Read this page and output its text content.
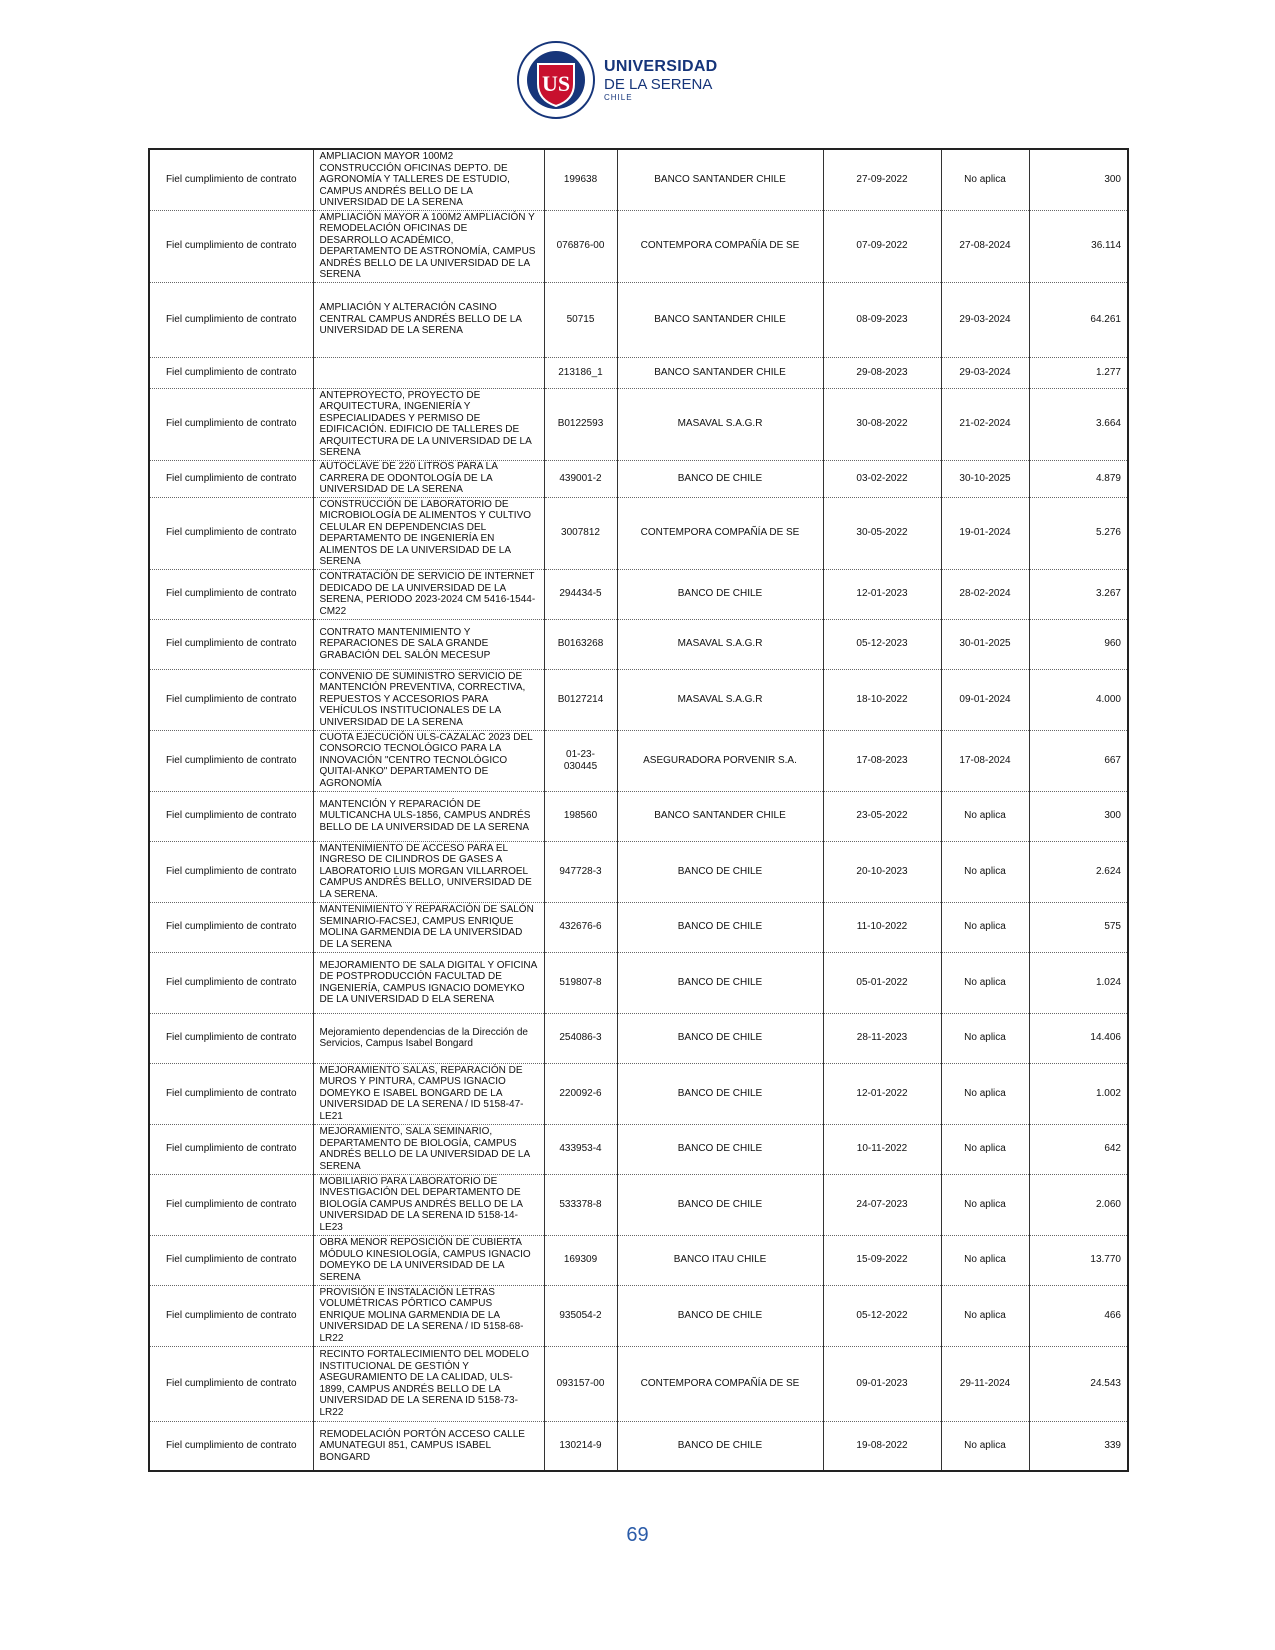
US
UNIVERSIDAD
DE LA SERENA
CHILE
Fiel cumplimiento de contrato	AMPLIACION MAYOR 100M2 CONSTRUCCIÓN OFICINAS DEPTO. DE AGRONOMÍA Y TALLERES DE ESTUDIO, CAMPUS ANDRÉS BELLO DE LA UNIVERSIDAD DE LA SERENA	199638	BANCO SANTANDER CHILE	27-09-2022	No aplica	300
Fiel cumplimiento de contrato	AMPLIACIÓN MAYOR A 100M2 AMPLIACIÓN Y REMODELACIÓN OFICINAS DE DESARROLLO ACADÉMICO, DEPARTAMENTO DE ASTRONOMÍA, CAMPUS ANDRÉS BELLO DE LA UNIVERSIDAD DE LA SERENA	076876-00	CONTEMPORA COMPAÑÍA DE SE	07-09-2022	27-08-2024	36.114
Fiel cumplimiento de contrato	AMPLIACIÓN Y ALTERACIÓN CASINO CENTRAL CAMPUS ANDRÉS BELLO DE LA UNIVERSIDAD DE LA SERENA	50715	BANCO SANTANDER CHILE	08-09-2023	29-03-2024	64.261
Fiel cumplimiento de contrato		213186_1	BANCO SANTANDER CHILE	29-08-2023	29-03-2024	1.277
Fiel cumplimiento de contrato	ANTEPROYECTO, PROYECTO DE ARQUITECTURA, INGENIERÍA Y ESPECIALIDADES Y PERMISO DE EDIFICACIÓN. EDIFICIO DE TALLERES DE ARQUITECTURA DE LA UNIVERSIDAD DE LA SERENA	B0122593	MASAVAL S.A.G.R	30-08-2022	21-02-2024	3.664
Fiel cumplimiento de contrato	AUTOCLAVE DE 220 LITROS PARA LA CARRERA DE ODONTOLOGÍA DE LA UNIVERSIDAD DE LA SERENA	439001-2	BANCO DE CHILE	03-02-2022	30-10-2025	4.879
Fiel cumplimiento de contrato	CONSTRUCCIÓN DE LABORATORIO DE MICROBIOLOGÍA DE ALIMENTOS Y CULTIVO CELULAR EN DEPENDENCIAS DEL DEPARTAMENTO DE INGENIERÍA EN ALIMENTOS DE LA UNIVERSIDAD DE LA SERENA	3007812	CONTEMPORA COMPAÑÍA DE SE	30-05-2022	19-01-2024	5.276
Fiel cumplimiento de contrato	CONTRATACIÓN DE SERVICIO DE INTERNET DEDICADO DE LA UNIVERSIDAD DE LA SERENA, PERIODO 2023-2024 CM 5416-1544-CM22	294434-5	BANCO DE CHILE	12-01-2023	28-02-2024	3.267
Fiel cumplimiento de contrato	CONTRATO MANTENIMIENTO Y REPARACIONES DE SALA GRANDE GRABACIÓN DEL SALÓN MECESUP	B0163268	MASAVAL S.A.G.R	05-12-2023	30-01-2025	960
Fiel cumplimiento de contrato	CONVENIO DE SUMINISTRO SERVICIO DE MANTENCIÓN PREVENTIVA, CORRECTIVA, REPUESTOS Y ACCESORIOS PARA VEHÍCULOS INSTITUCIONALES DE LA UNIVERSIDAD DE LA SERENA	B0127214	MASAVAL S.A.G.R	18-10-2022	09-01-2024	4.000
Fiel cumplimiento de contrato	CUOTA EJECUCIÓN ULS-CAZALAC 2023 DEL CONSORCIO TECNOLÓGICO PARA LA INNOVACIÓN "CENTRO TECNOLÓGICO QUITAI-ANKO" DEPARTAMENTO DE AGRONOMÍA	01-23-030445	ASEGURADORA PORVENIR S.A.	17-08-2023	17-08-2024	667
Fiel cumplimiento de contrato	MANTENCIÓN Y REPARACIÓN DE MULTICANCHA ULS-1856, CAMPUS ANDRÉS BELLO DE LA UNIVERSIDAD DE LA SERENA	198560	BANCO SANTANDER CHILE	23-05-2022	No aplica	300
Fiel cumplimiento de contrato	MANTENIMIENTO DE ACCESO PARA EL INGRESO DE CILINDROS DE GASES A LABORATORIO LUIS MORGAN VILLARROEL CAMPUS ANDRÉS BELLO, UNIVERSIDAD DE LA SERENA.	947728-3	BANCO DE CHILE	20-10-2023	No aplica	2.624
Fiel cumplimiento de contrato	MANTENIMIENTO Y REPARACIÓN DE SALÓN SEMINARIO-FACSEJ, CAMPUS ENRIQUE MOLINA GARMENDIA DE LA UNIVERSIDAD DE LA SERENA	432676-6	BANCO DE CHILE	11-10-2022	No aplica	575
Fiel cumplimiento de contrato	MEJORAMIENTO DE SALA DIGITAL Y OFICINA DE POSTPRODUCCIÓN FACULTAD DE INGENIERÍA, CAMPUS IGNACIO DOMEYKO DE LA UNIVERSIDAD D ELA SERENA	519807-8	BANCO DE CHILE	05-01-2022	No aplica	1.024
Fiel cumplimiento de contrato	Mejoramiento dependencias de la Dirección de Servicios, Campus Isabel Bongard	254086-3	BANCO DE CHILE	28-11-2023	No aplica	14.406
Fiel cumplimiento de contrato	MEJORAMIENTO SALAS, REPARACIÓN DE MUROS Y PINTURA, CAMPUS IGNACIO DOMEYKO E ISABEL BONGARD DE LA UNIVERSIDAD DE LA SERENA / ID 5158-47-LE21	220092-6	BANCO DE CHILE	12-01-2022	No aplica	1.002
Fiel cumplimiento de contrato	MEJORAMIENTO, SALA SEMINARIO, DEPARTAMENTO DE BIOLOGÍA, CAMPUS ANDRÉS BELLO DE LA UNIVERSIDAD DE LA SERENA	433953-4	BANCO DE CHILE	10-11-2022	No aplica	642
Fiel cumplimiento de contrato	MOBILIARIO PARA LABORATORIO DE INVESTIGACIÓN DEL DEPARTAMENTO DE BIOLOGÍA CAMPUS ANDRÉS BELLO DE LA UNIVERSIDAD DE LA SERENA ID 5158-14-LE23	533378-8	BANCO DE CHILE	24-07-2023	No aplica	2.060
Fiel cumplimiento de contrato	OBRA MENOR REPOSICIÓN DE CUBIERTA MÓDULO KINESIOLOGÍA, CAMPUS IGNACIO DOMEYKO DE LA UNIVERSIDAD DE LA SERENA	169309	BANCO ITAU CHILE	15-09-2022	No aplica	13.770
Fiel cumplimiento de contrato	PROVISIÓN E INSTALACIÓN LETRAS VOLUMÉTRICAS PÓRTICO CAMPUS ENRIQUE MOLINA GARMENDIA DE LA UNIVERSIDAD DE LA SERENA / ID 5158-68-LR22	935054-2	BANCO DE CHILE	05-12-2022	No aplica	466
Fiel cumplimiento de contrato	RECINTO FORTALECIMIENTO DEL MODELO INSTITUCIONAL DE GESTIÓN Y ASEGURAMIENTO DE LA CALIDAD, ULS-1899, CAMPUS ANDRÉS BELLO DE LA UNIVERSIDAD DE LA SERENA ID 5158-73-LR22	093157-00	CONTEMPORA COMPAÑÍA DE SE	09-01-2023	29-11-2024	24.543
Fiel cumplimiento de contrato	REMODELACIÓN PORTÓN ACCESO CALLE AMUNATEGUI 851, CAMPUS ISABEL BONGARD	130214-9	BANCO DE CHILE	19-08-2022	No aplica	339
69
